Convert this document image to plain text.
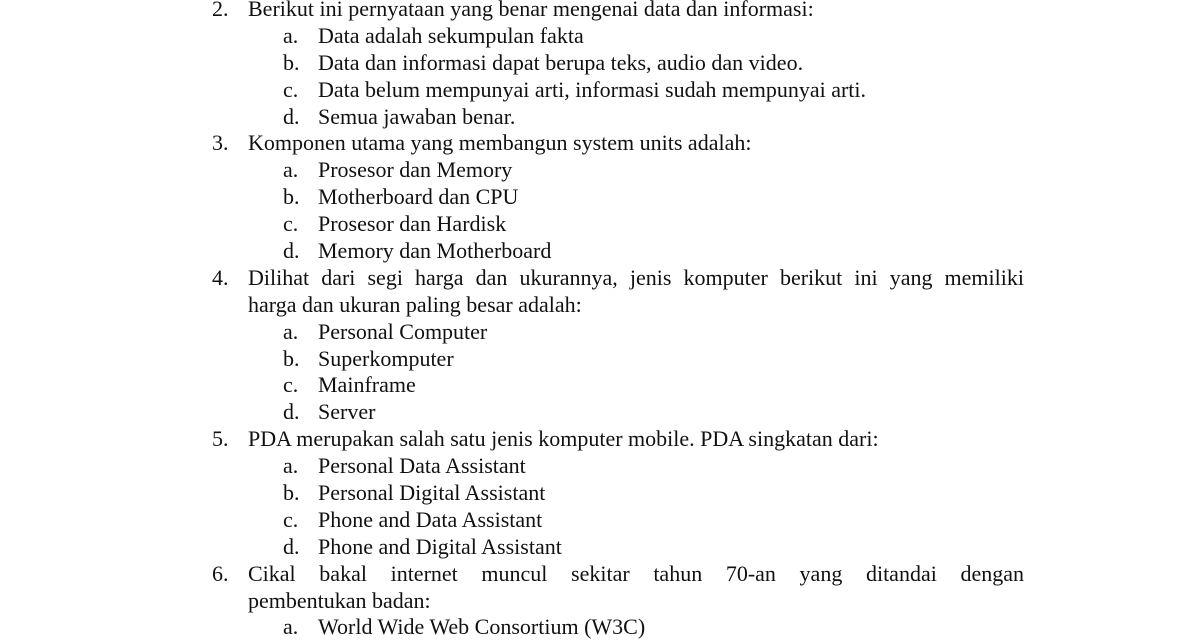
2. Berikut ini pernyataan yang benar mengenai data dan informasi:
a. Data adalah sekumpulan fakta
b. Data dan informasi dapat berupa teks, audio dan video.
c. Data belum mempunyai arti, informasi sudah mempunyai arti.
d. Semua jawaban benar.
3. Komponen utama yang membangun system units adalah:
a. Prosesor dan Memory
b. Motherboard dan CPU
c. Prosesor dan Hardisk
d. Memory dan Motherboard
4. Dilihat dari segi harga dan ukurannya, jenis komputer berikut ini yang memiliki
harga dan ukuran paling besar adalah:
a. Personal Computer
b. Superkomputer
c. Mainframe
d. Server
5. PDA merupakan salah satu jenis komputer mobile. PDA singkatan dari:
a. Personal Data Assistant
b. Personal Digital Assistant
c. Phone and Data Assistant
d. Phone and Digital Assistant
6. Cikal bakal internet muncul sekitar tahun 70-an yang ditandai dengan
pembentukan badan:
a. World Wide Web Consortium (W3C)
